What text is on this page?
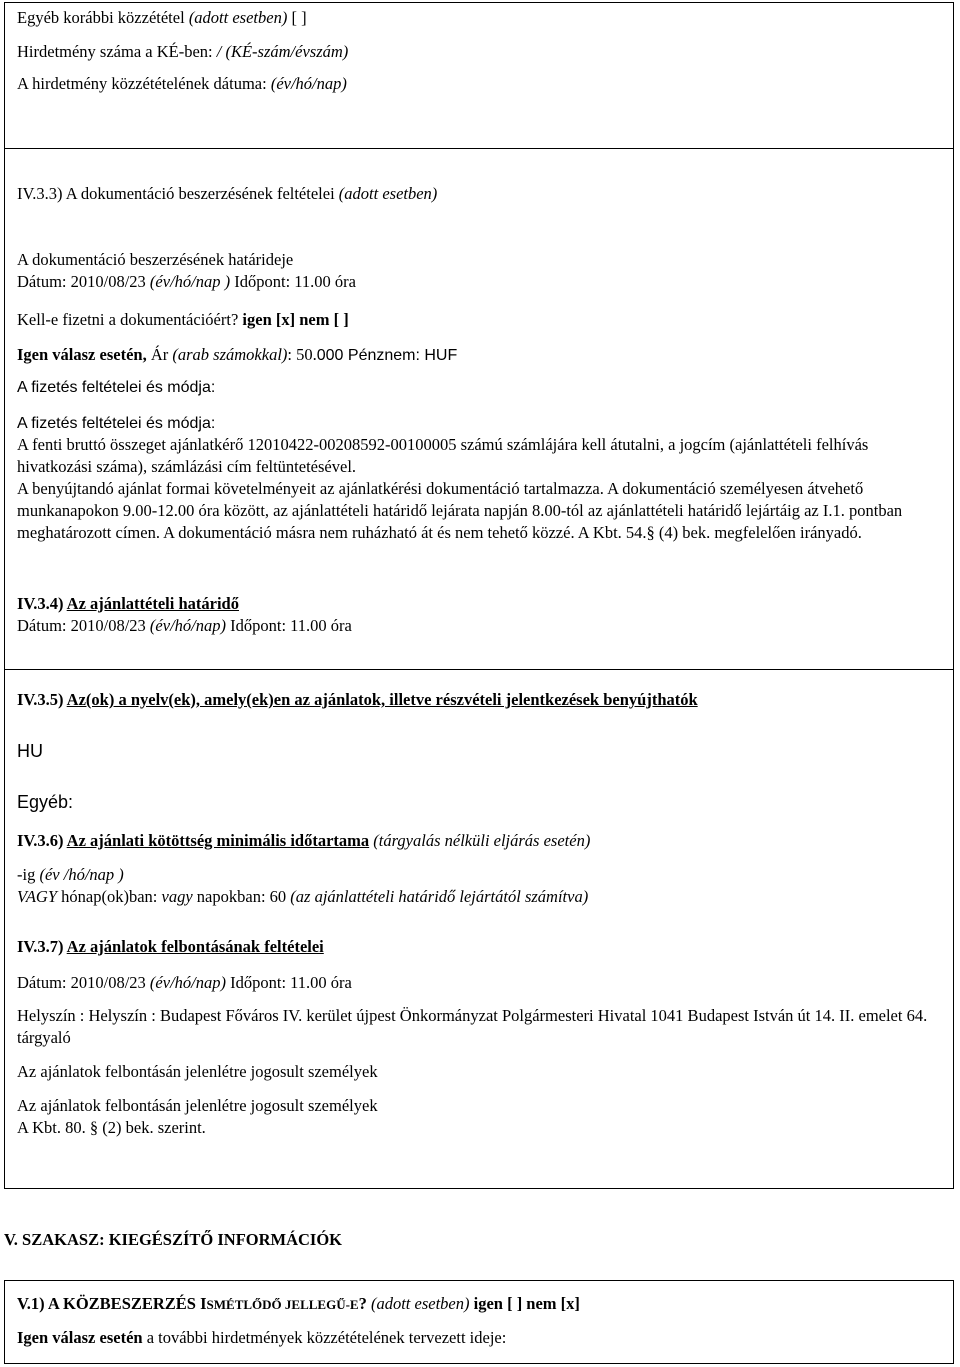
Egyéb korábbi közzététel (adott esetben) [ ]
Hirdetmény száma a KÉ-ben: / (KÉ-szám/évszám)
A hirdetmény közzétételének dátuma: (év/hó/nap)
IV.3.3) A dokumentáció beszerzésének feltételei (adott esetben)
A dokumentáció beszerzésének határideje
Dátum: 2010/08/23 (év/hó/nap ) Időpont: 11.00 óra
Kell-e fizetni a dokumentációért? igen [x] nem [ ]
Igen válasz esetén, Ár (arab számokkal): 50.000 Pénznem: HUF
A fizetés feltételei és módja:
A fizetés feltételei és módja:
A fenti bruttó összeget ajánlatkérő 12010422-00208592-00100005 számú számlájára kell átutalni, a jogcím (ajánlattételi felhívás hivatkozási száma), számlázási cím feltüntetésével.
A benyújtandó ajánlat formai követelményeit az ajánlatkérési dokumentáció tartalmazza. A dokumentáció személyesen átvehető munkanapokon 9.00-12.00 óra között, az ajánlattételi határidő lejárata napján 8.00-tól az ajánlattételi határidő lejártáig az I.1. pontban meghatározott címen. A dokumentáció másra nem ruházható át és nem tehető közzé. A Kbt. 54.§ (4) bek. megfelelően irányadó.
IV.3.4) Az ajánlattételi határidő
Dátum: 2010/08/23 (év/hó/nap) Időpont: 11.00 óra
IV.3.5) Az(ok) a nyelv(ek), amely(ek)en az ajánlatok, illetve részvételi jelentkezések benyújthatók
HU
Egyéb:
IV.3.6) Az ajánlati kötöttség minimális időtartama (tárgyalás nélküli eljárás esetén)
-ig (év /hó/nap )
VAGY hónap(ok)ban: vagy napokban: 60 (az ajánlattételi határidő lejártától számítva)
IV.3.7) Az ajánlatok felbontásának feltételei
Dátum: 2010/08/23 (év/hó/nap) Időpont: 11.00 óra
Helyszín : Helyszín : Budapest Főváros IV. kerület újpest Önkormányzat Polgármesteri Hivatal 1041 Budapest István út 14. II. emelet 64. tárgyaló
Az ajánlatok felbontásán jelenlétre jogosult személyek
Az ajánlatok felbontásán jelenlétre jogosult személyek
A Kbt. 80. § (2) bek. szerint.
V. SZAKASZ: KIEGÉSZÍTŐ INFORMÁCIÓK
V.1) A KÖZBESZERZÉS ISMÉTLŐDŐ JELLEGŰ-E? (adott esetben) igen [ ] nem [x]
Igen válasz esetén a további hirdetmények közzétételének tervezett ideje:
